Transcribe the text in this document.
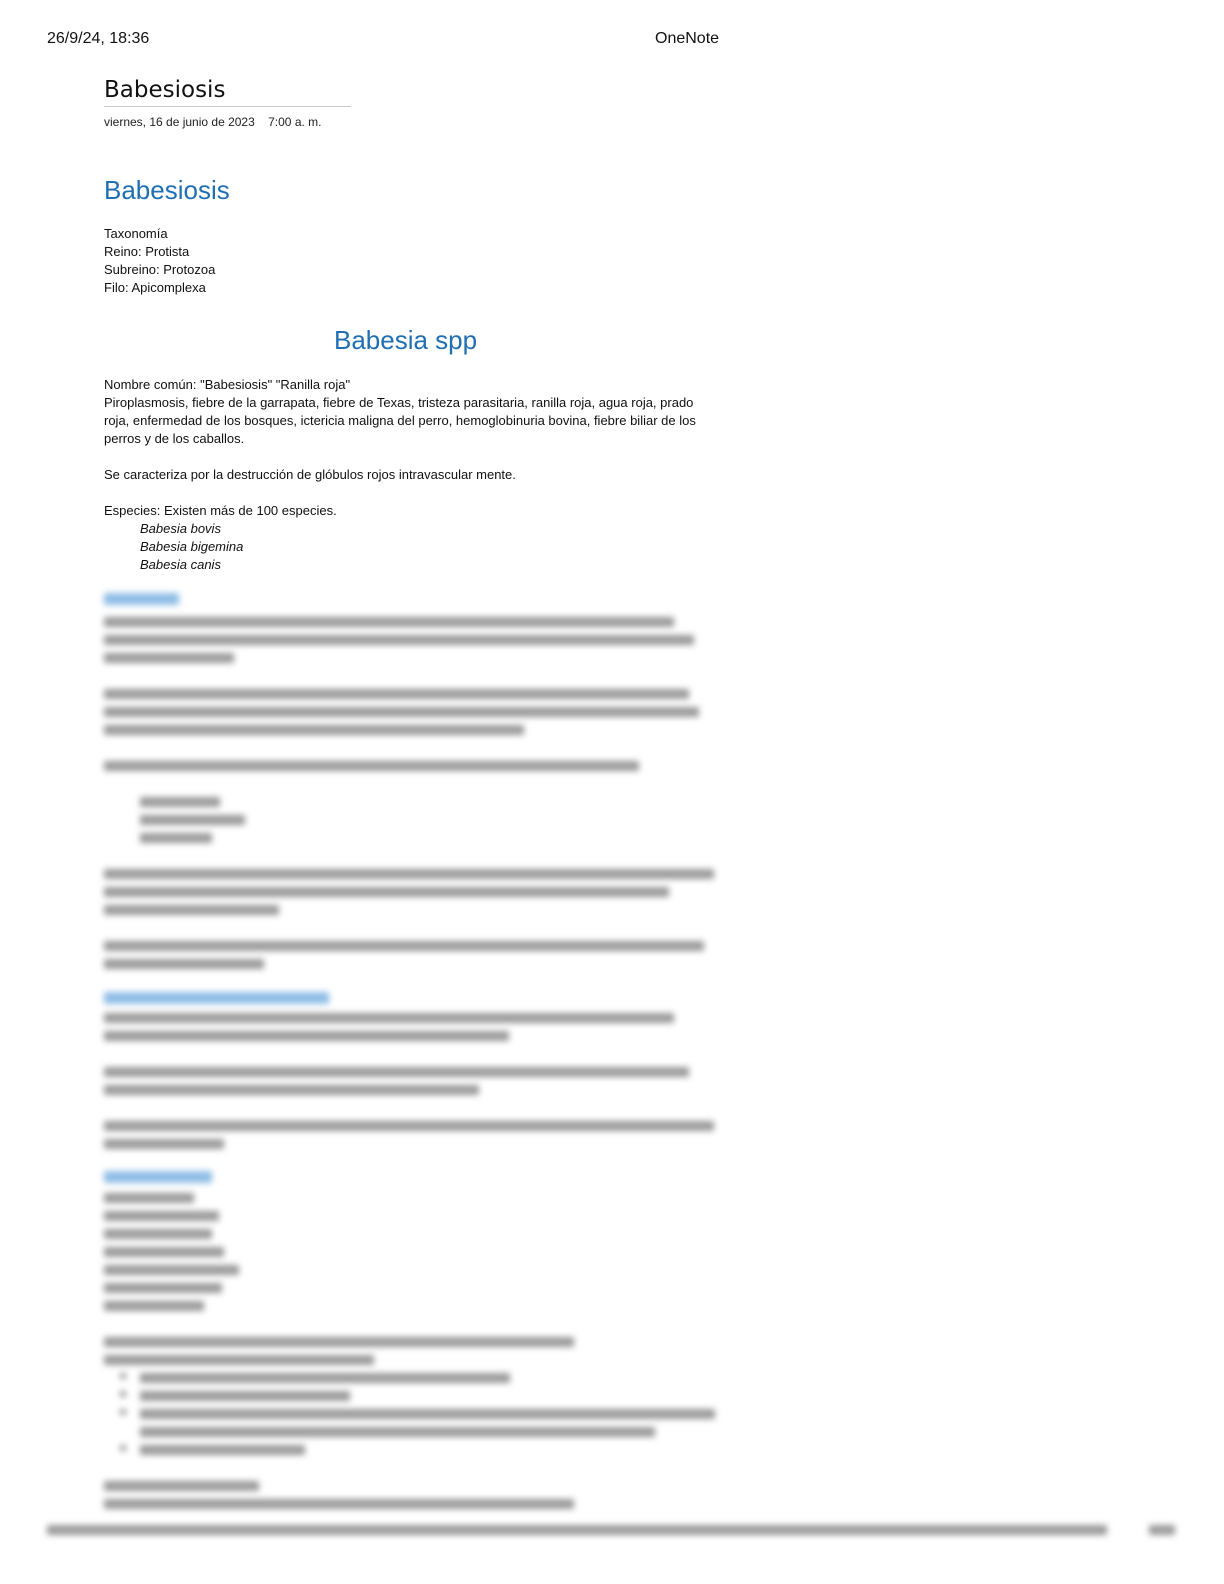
26/9/24, 18:36	OneNote
Babesiosis
viernes, 16 de junio de 2023 7:00 a. m.
Babesiosis

Taxonomía

Reino: Protista

Subreino: Protozoa

Filo: Apicomplexa

Babesia spp

Nombre común: "Babesiosis" "Ranilla roja"

Piroplasmosis, fiebre de la garrapata, fiebre de Texas, tristeza parasitaria, ranilla roja, agua roja, prado roja, enfermedad de los bosques, ictericia maligna del perro, hemoglobinuria bovina, fiebre biliar de los perros y de los caballos.

Se caracteriza por la destrucción de glóbulos rojos intravascular mente.

Especies: Existen más de 100 especies.

Babesia bovis

Babesia bigemina

Babesia canis
